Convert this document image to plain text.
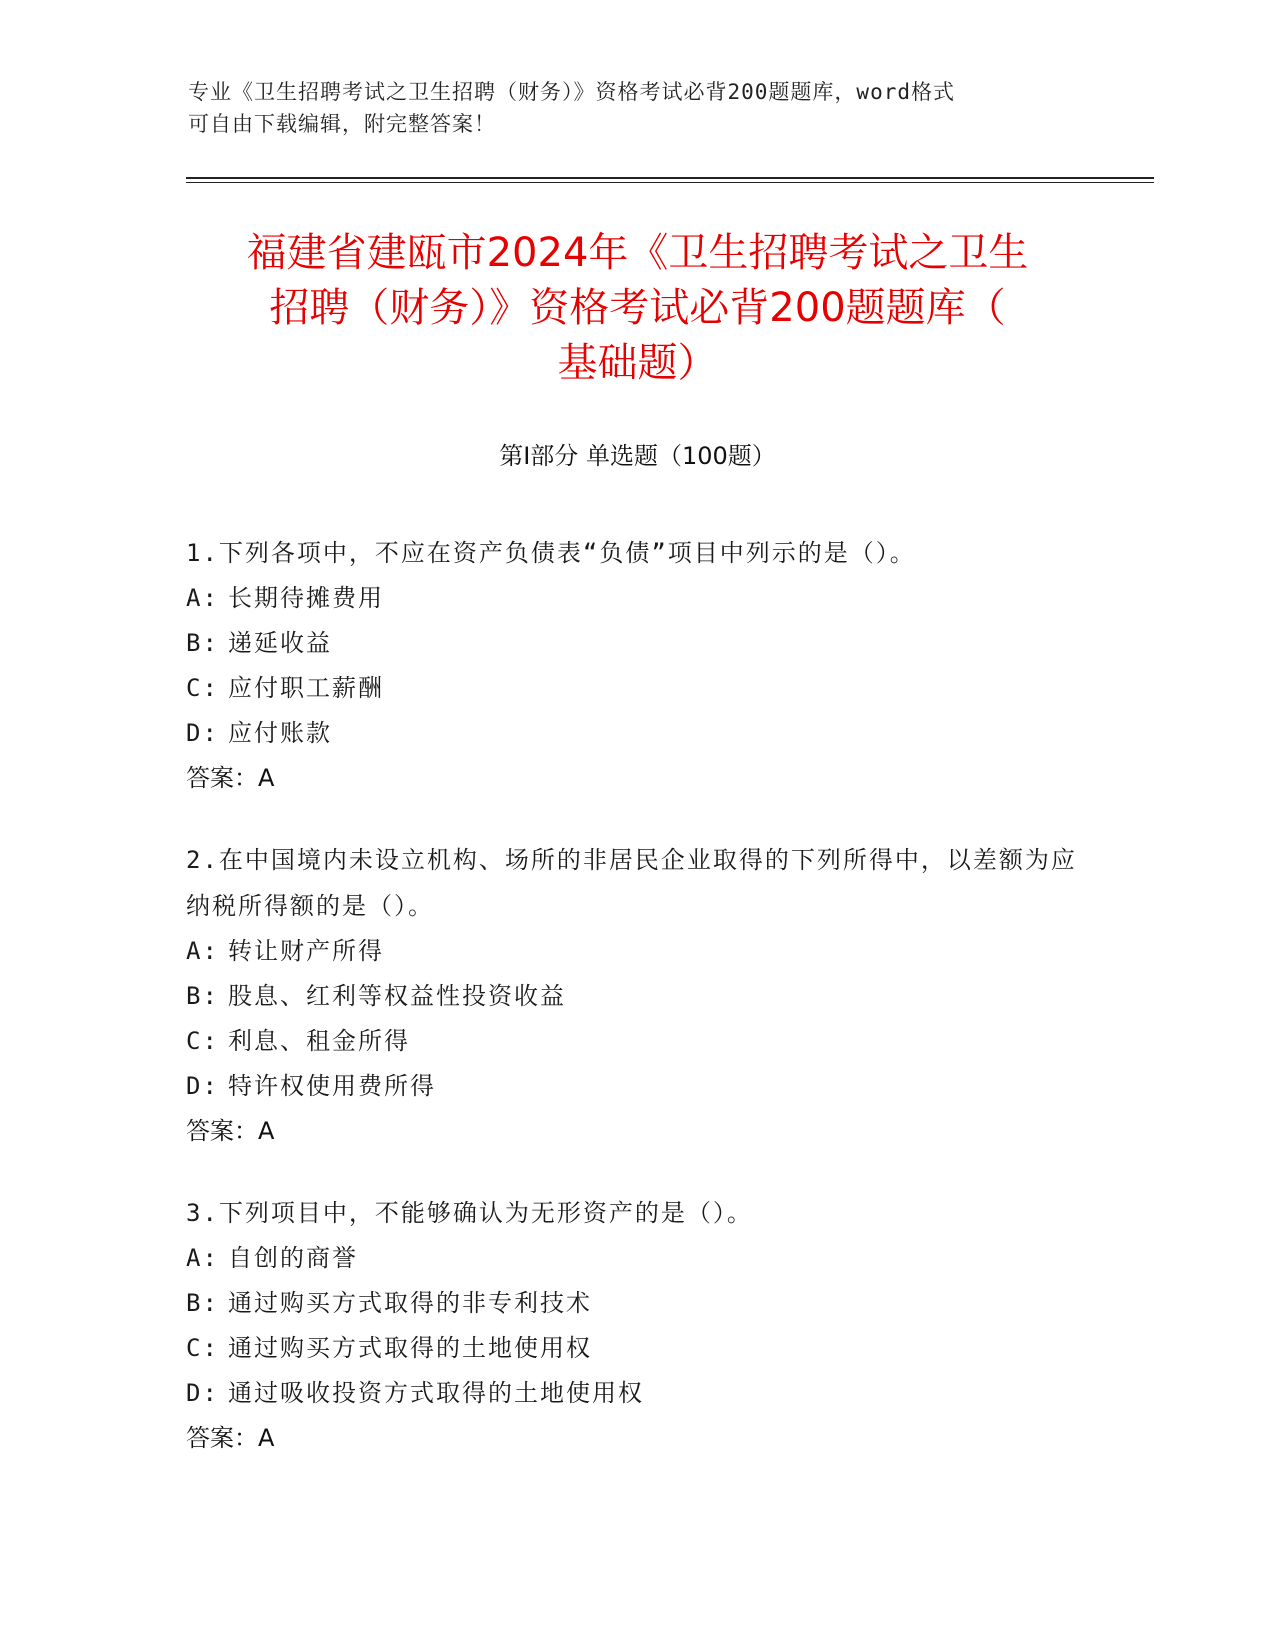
专业《卫生招聘考试之卫生招聘（财务）》资格考试必背200题题库，word格式
可自由下载编辑，附完整答案！
福建省建瓯市2024年《卫生招聘考试之卫生
招聘（财务）》资格考试必背200题题库（
基础题）
第Ⅰ部分 单选题（100题）

1.下列各项中，不应在资产负债表“负债”项目中列示的是（）。

A: 长期待摊费用

B: 递延收益

C: 应付职工薪酬

D: 应付账款

答案：A

2.在中国境内未设立机构、场所的非居民企业取得的下列所得中，以差额为应纳税所得额的是（）。

A: 转让财产所得

B: 股息、红利等权益性投资收益

C: 利息、租金所得

D: 特许权使用费所得

答案：A

3.下列项目中，不能够确认为无形资产的是（）。

A: 自创的商誉

B: 通过购买方式取得的非专利技术

C: 通过购买方式取得的土地使用权

D: 通过吸收投资方式取得的土地使用权

答案：A
